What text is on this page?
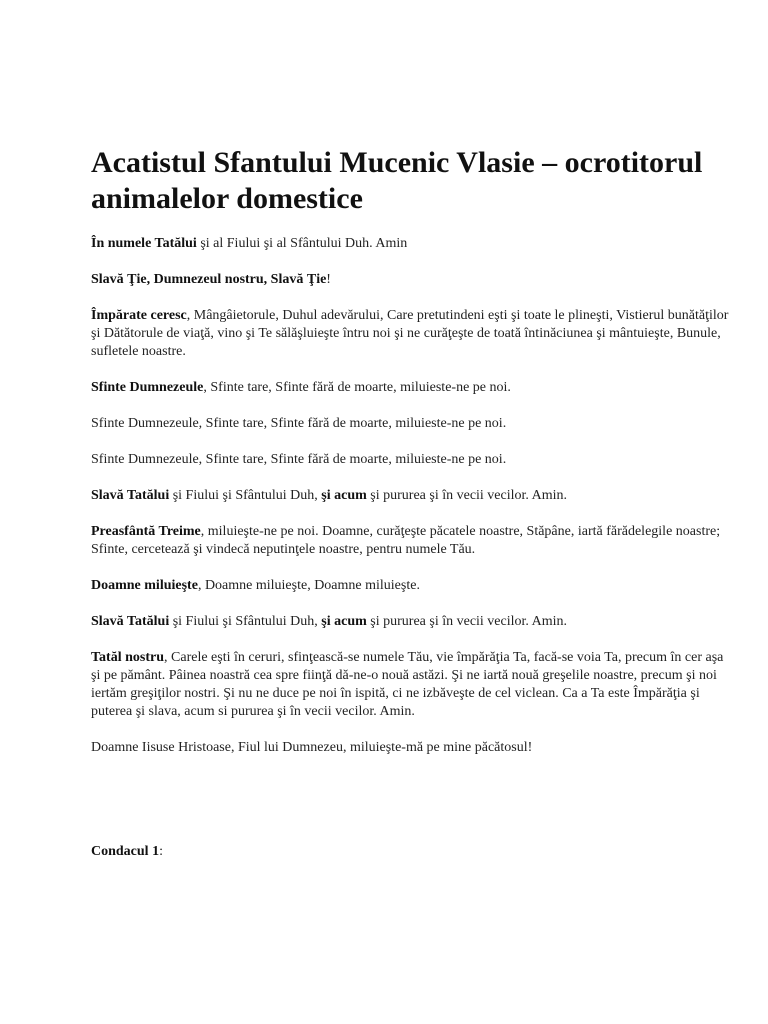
Acatistul Sfantului Mucenic Vlasie – ocrotitorul animalelor domestice

În numele Tatălui şi al Fiului şi al Sfântului Duh. Amin

Slavă Ţie, Dumnezeul nostru, Slavă Ţie!

Împărate ceresc, Mângâietorule, Duhul adevărului, Care pretutindeni eşti şi toate le plineşti, Vistierul bunătăţilor şi Dătătorule de viaţă, vino şi Te sălăşluieşte întru noi şi ne curăţeşte de toată întinăciunea şi mântuieşte, Bunule, sufletele noastre.

Sfinte Dumnezeule, Sfinte tare, Sfinte fără de moarte, miluieste-ne pe noi.

Sfinte Dumnezeule, Sfinte tare, Sfinte fără de moarte, miluieste-ne pe noi.

Sfinte Dumnezeule, Sfinte tare, Sfinte fără de moarte, miluieste-ne pe noi.

Slavă Tatălui şi Fiului şi Sfântului Duh, şi acum şi pururea şi în vecii vecilor. Amin.

Preasfântă Treime, miluieşte-ne pe noi. Doamne, curăţeşte păcatele noastre, Stăpâne, iartă fărădelegile noastre; Sfinte, cercetează şi vindecă neputinţele noastre, pentru numele Tău.

Doamne miluieşte, Doamne miluieşte, Doamne miluieşte.

Slavă Tatălui şi Fiului şi Sfântului Duh, şi acum şi pururea şi în vecii vecilor. Amin.

Tatăl nostru, Carele eşti în ceruri, sfinţească-se numele Tău, vie împărăţia Ta, facă-se voia Ta, precum în cer aşa şi pe pământ. Pâinea noastră cea spre fiinţă dă-ne-o nouă astăzi. Şi ne iartă nouă greşelile noastre, precum şi noi iertăm greşiţilor nostri. Şi nu ne duce pe noi în ispită, ci ne izbăveşte de cel viclean. Ca a Ta este Împărăţia şi puterea şi slava, acum si pururea şi în vecii vecilor. Amin.

Doamne Iisuse Hristoase, Fiul lui Dumnezeu, miluieşte-mă pe mine păcătosul!

Condacul 1:
